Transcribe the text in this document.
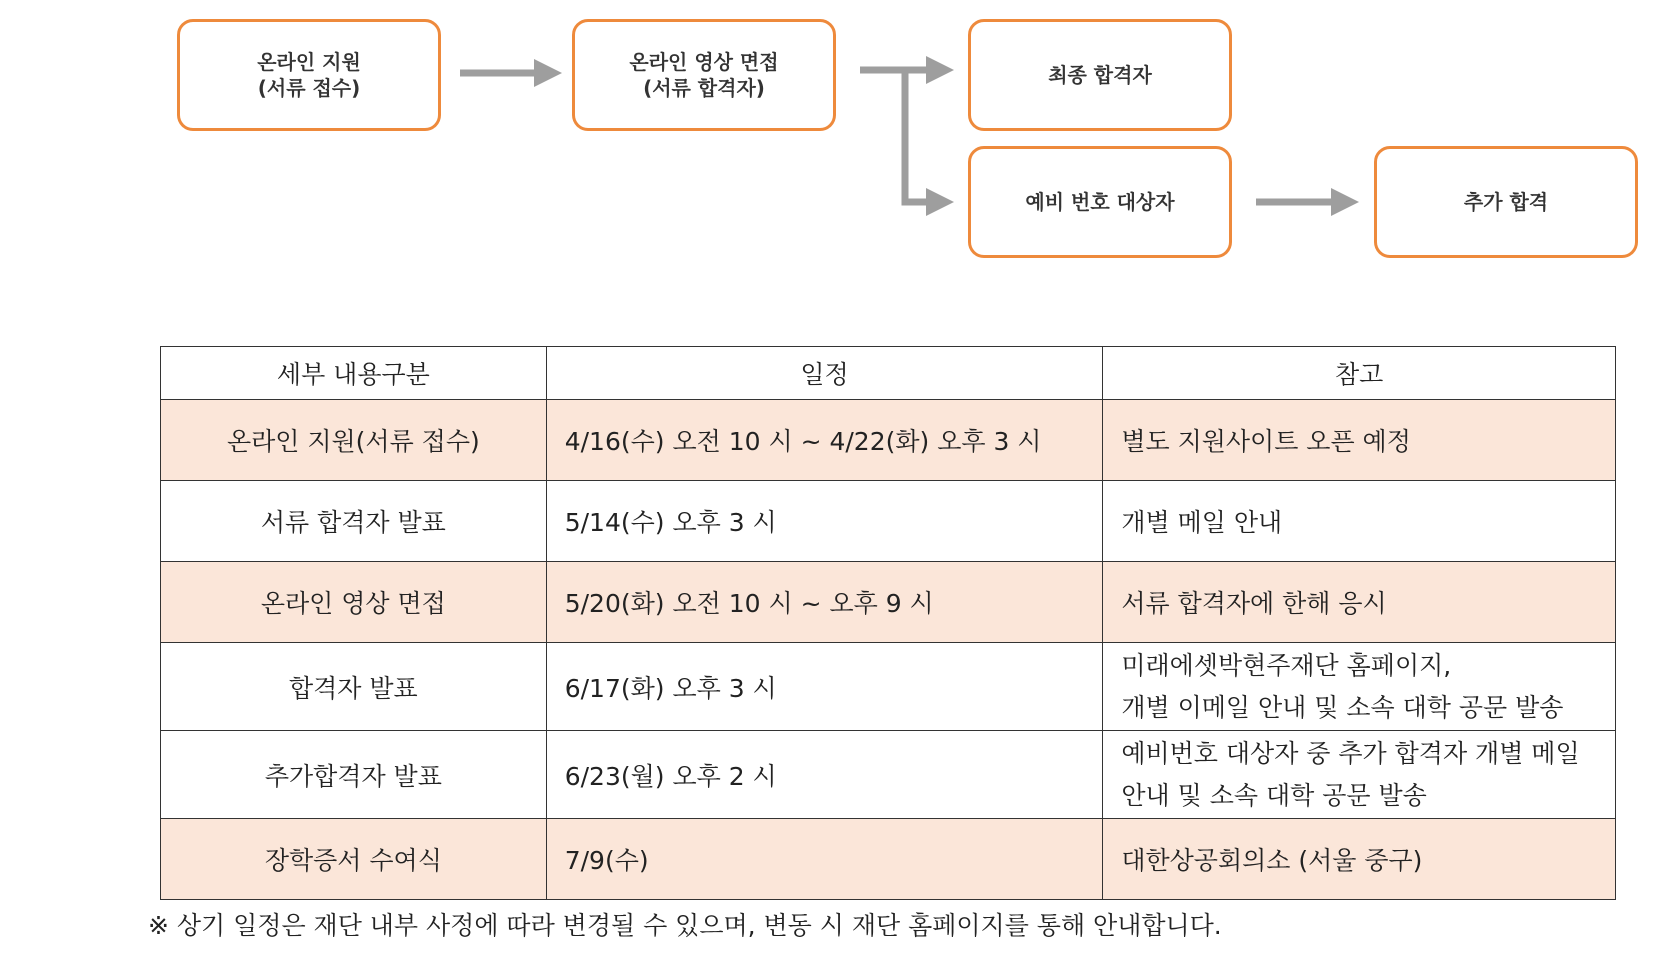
온라인 지원
(서류 접수)
온라인 영상 면접
(서류 합격자)
최종 합격자
예비 번호 대상자	추가 합격
세부 내용구분	일정	참고
온라인 지원(서류 접수)	4/16(수) 오전 10 시 ~ 4/22(화) 오후 3 시	별도 지원사이트 오픈 예정
서류 합격자 발표	5/14(수) 오후 3 시	개별 메일 안내
온라인 영상 면접	5/20(화) 오전 10 시 ~ 오후 9 시	서류 합격자에 한해 응시
합격자 발표	6/17(화) 오후 3 시	미래에셋박현주재단 홈페이지,
개별 이메일 안내 및 소속 대학 공문 발송

추가합격자 발표	6/23(월) 오후 2 시	예비번호 대상자 중 추가 합격자 개별 메일
안내 및 소속 대학 공문 발송

장학증서 수여식	7/9(수)	대한상공회의소 (서울 중구)
※ 상기 일정은 재단 내부 사정에 따라 변경될 수 있으며, 변동 시 재단 홈페이지를 통해 안내합니다.
